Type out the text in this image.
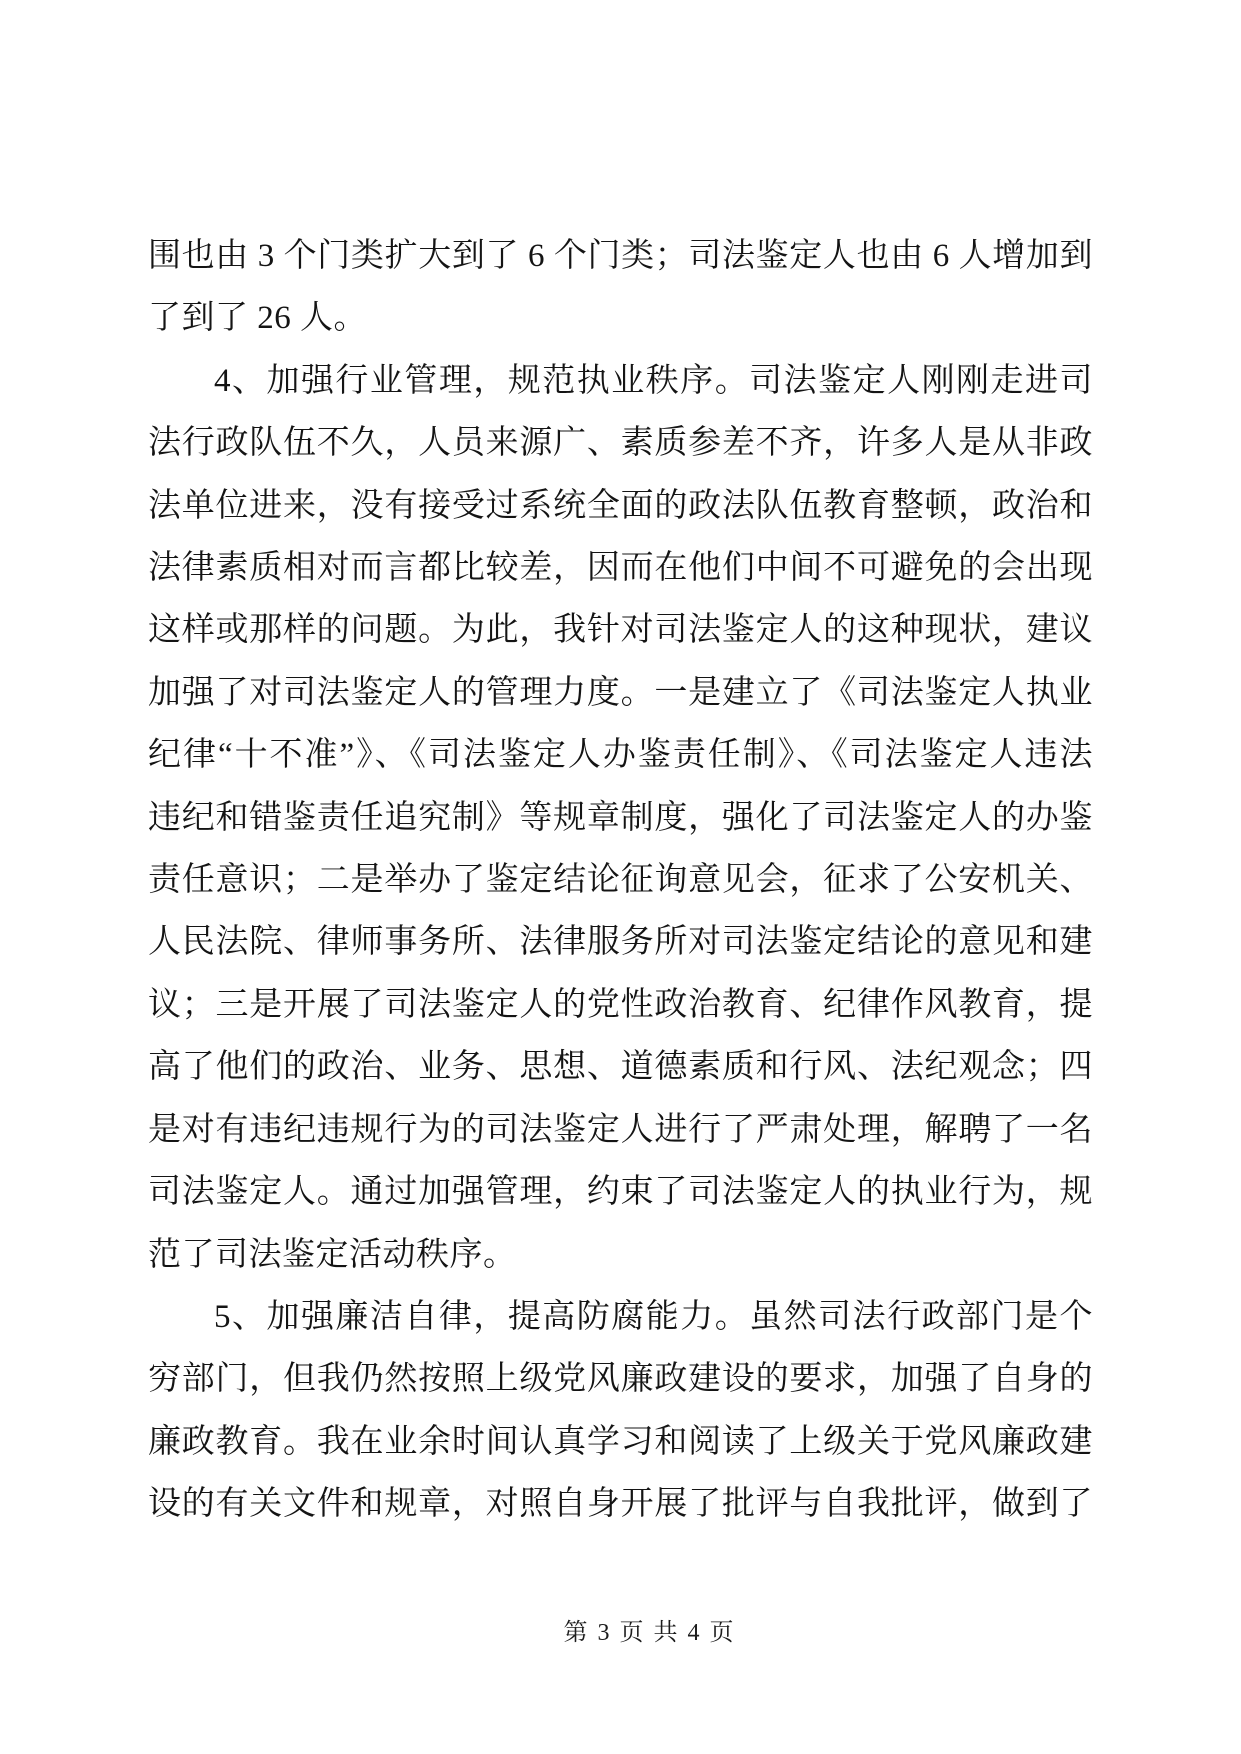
围也由 3 个门类扩大到了 6 个门类；司法鉴定人也由 6 人增加到
了到了 26 人。
4、加强行业管理，规范执业秩序。司法鉴定人刚刚走进司
法行政队伍不久，人员来源广、素质参差不齐，许多人是从非政
法单位进来，没有接受过系统全面的政法队伍教育整顿，政治和
法律素质相对而言都比较差，因而在他们中间不可避免的会出现
这样或那样的问题。为此，我针对司法鉴定人的这种现状，建议
加强了对司法鉴定人的管理力度。一是建立了《司法鉴定人执业
纪律“十不准”》、《司法鉴定人办鉴责任制》、《司法鉴定人违法
违纪和错鉴责任追究制》等规章制度，强化了司法鉴定人的办鉴
责任意识；二是举办了鉴定结论征询意见会，征求了公安机关、
人民法院、律师事务所、法律服务所对司法鉴定结论的意见和建
议；三是开展了司法鉴定人的党性政治教育、纪律作风教育，提
高了他们的政治、业务、思想、道德素质和行风、法纪观念；四
是对有违纪违规行为的司法鉴定人进行了严肃处理，解聘了一名
司法鉴定人。通过加强管理，约束了司法鉴定人的执业行为，规
范了司法鉴定活动秩序。
5、加强廉洁自律，提高防腐能力。虽然司法行政部门是个
穷部门，但我仍然按照上级党风廉政建设的要求，加强了自身的
廉政教育。我在业余时间认真学习和阅读了上级关于党风廉政建
设的有关文件和规章，对照自身开展了批评与自我批评，做到了
第 3 页 共 4 页
